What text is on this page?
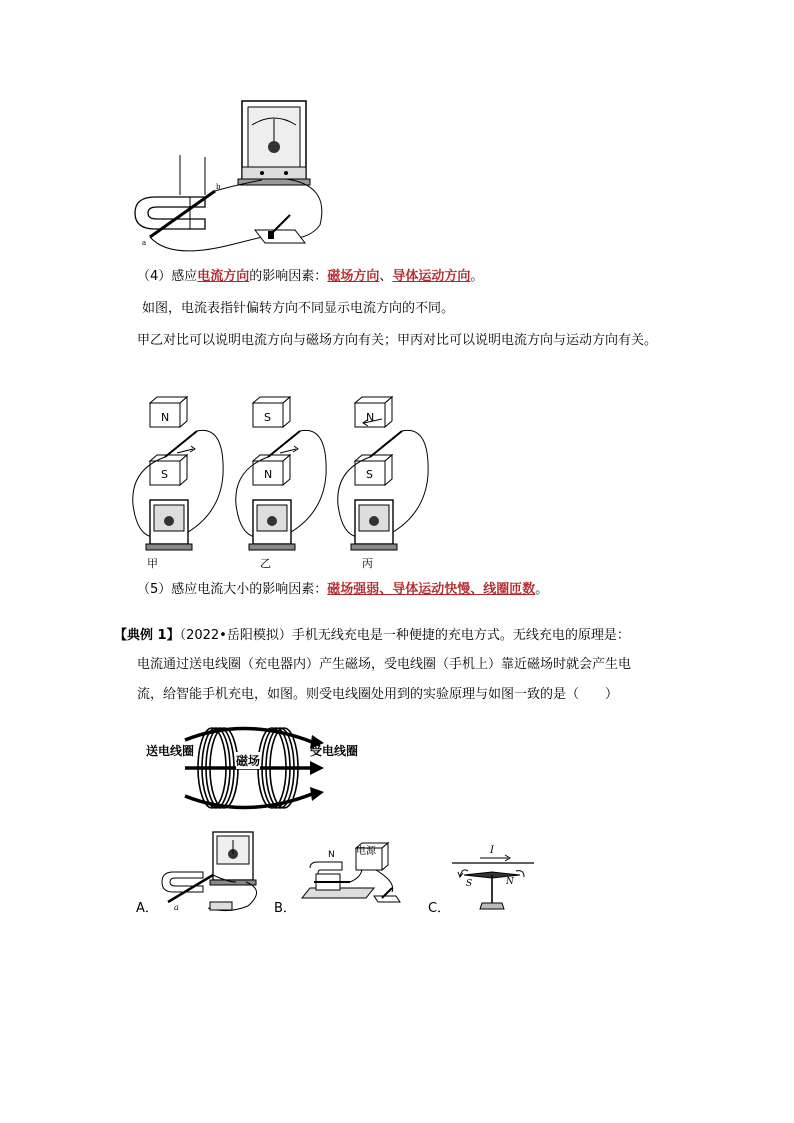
a
b
（4）感应电流方向的影响因素：磁场方向、导体运动方向。
如图，电流表指针偏转方向不同显示电流方向的不同。
甲乙对比可以说明电流方向与磁场方向有关；甲丙对比可以说明电流方向与运动方向有关。
N
S
甲
S
N
乙
N
S
丙
（5）感应电流大小的影响因素：磁场强弱、导体运动快慢、线圈匝数。
【典例 1】（2022•岳阳模拟）手机无线充电是一种便捷的充电方式。无线充电的原理是：
电流通过送电线圈（充电器内）产生磁场，受电线圈（手机上）靠近磁场时就会产生电
流，给智能手机充电，如图。则受电线圈处用到的实验原理与如图一致的是（　　）
送电线圈
磁场
受电线圈
A． a	B．
电源
N
C．
I
S	N
